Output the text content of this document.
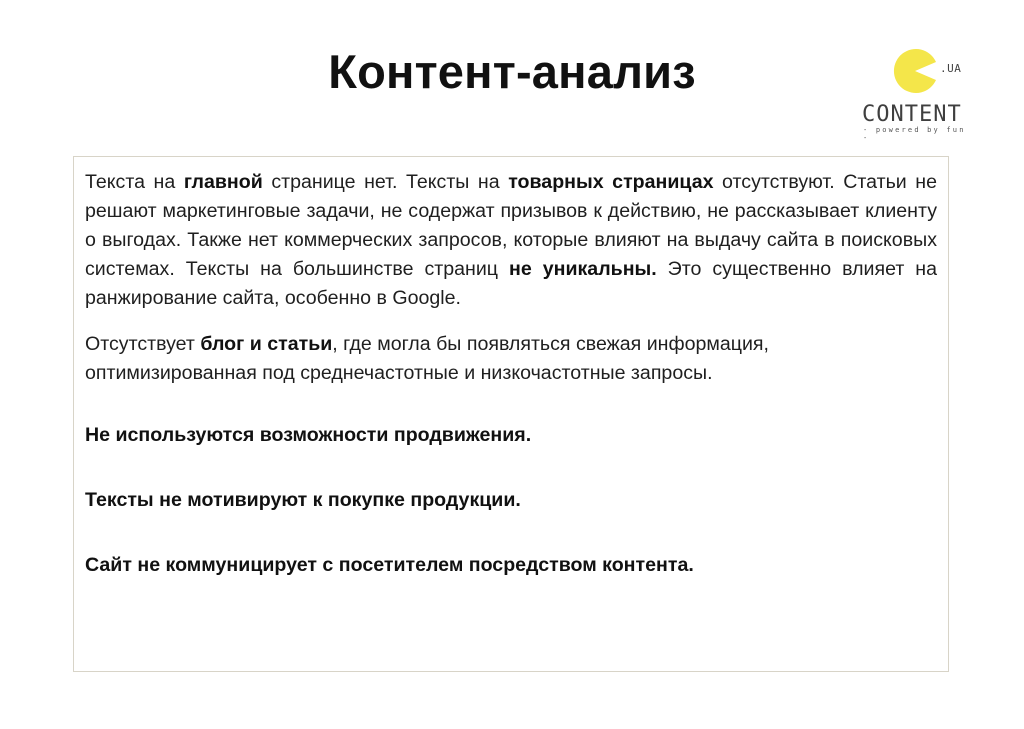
Контент-анализ	.UA
CONTENT
- powered by fun -

Текста на главной странице нет. Тексты на товарных страницах отсутствуют. Статьи не решают маркетинговые задачи, не содержат призывов к действию, не рассказывает клиенту о выгодах. Также нет коммерческих запросов, которые влияют на выдачу сайта в поисковых системах. Тексты на большинстве страниц не уникальны. Это существенно влияет на ранжирование сайта, особенно в Google.

Отсутствует блог и статьи, где могла бы появляться свежая информация, оптимизированная под среднечастотные и низкочастотные запросы.

Не используются возможности продвижения.

Тексты не мотивируют к покупке продукции.

Сайт не коммуницирует с посетителем посредством контента.
